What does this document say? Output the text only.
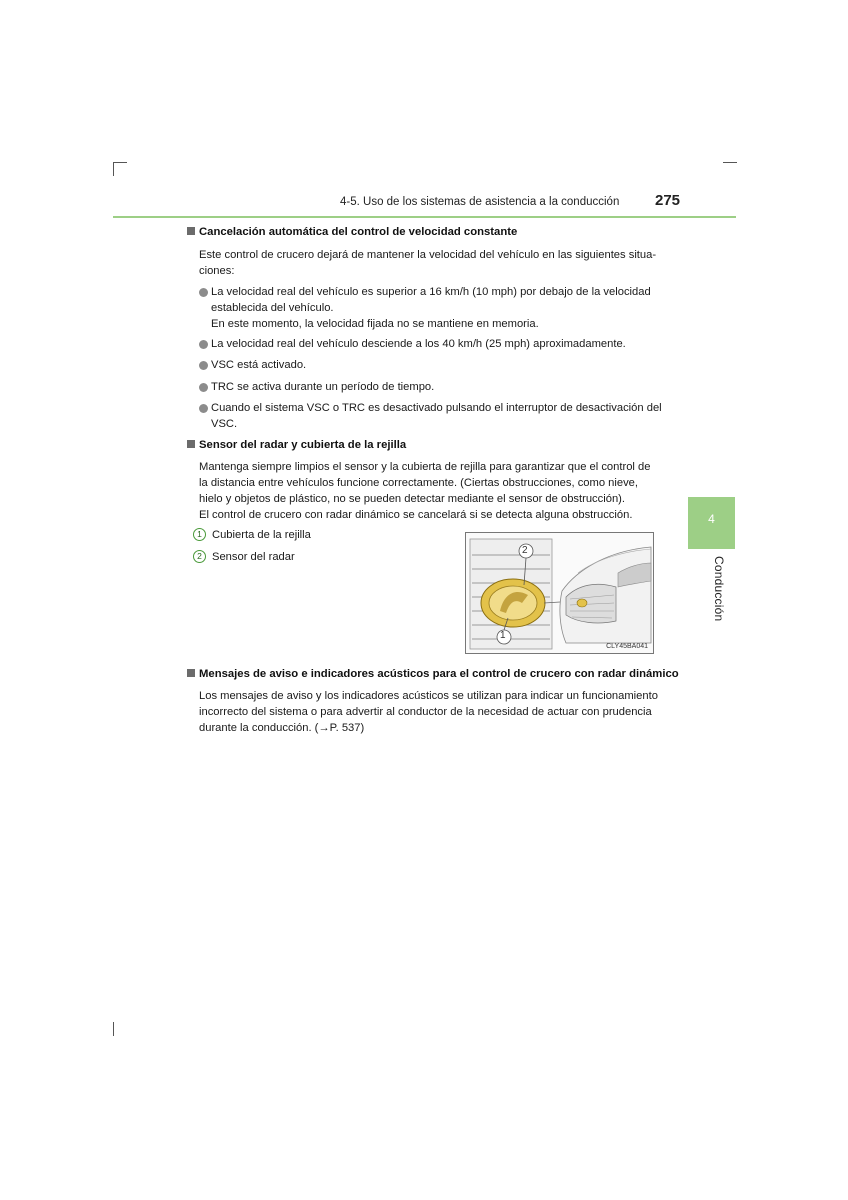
4-5. Uso de los sistemas de asistencia a la conducción 275
4
Conducción
Cancelación automática del control de velocidad constante
Este control de crucero dejará de mantener la velocidad del vehículo en las siguientes situa-ciones:
La velocidad real del vehículo es superior a 16 km/h (10 mph) por debajo de la velocidad establecida del vehículo.
En este momento, la velocidad fijada no se mantiene en memoria.
La velocidad real del vehículo desciende a los 40 km/h (25 mph) aproximadamente.
VSC está activado.
TRC se activa durante un período de tiempo.
Cuando el sistema VSC o TRC es desactivado pulsando el interruptor de desactivación del VSC.
Sensor del radar y cubierta de la rejilla
Mantenga siempre limpios el sensor y la cubierta de rejilla para garantizar que el control de la distancia entre vehículos funcione correctamente. (Ciertas obstrucciones, como nieve, hielo y objetos de plástico, no se pueden detectar mediante el sensor de obstrucción).
El control de crucero con radar dinámico se cancelará si se detecta alguna obstrucción.
1 Cubierta de la rejilla
2 Sensor del radar
2
1
CLY45BA041
Mensajes de aviso e indicadores acústicos para el control de crucero con radar dinámico
Los mensajes de aviso y los indicadores acústicos se utilizan para indicar un funcionamiento incorrecto del sistema o para advertir al conductor de la necesidad de actuar con prudencia durante la conducción. (→P. 537)
